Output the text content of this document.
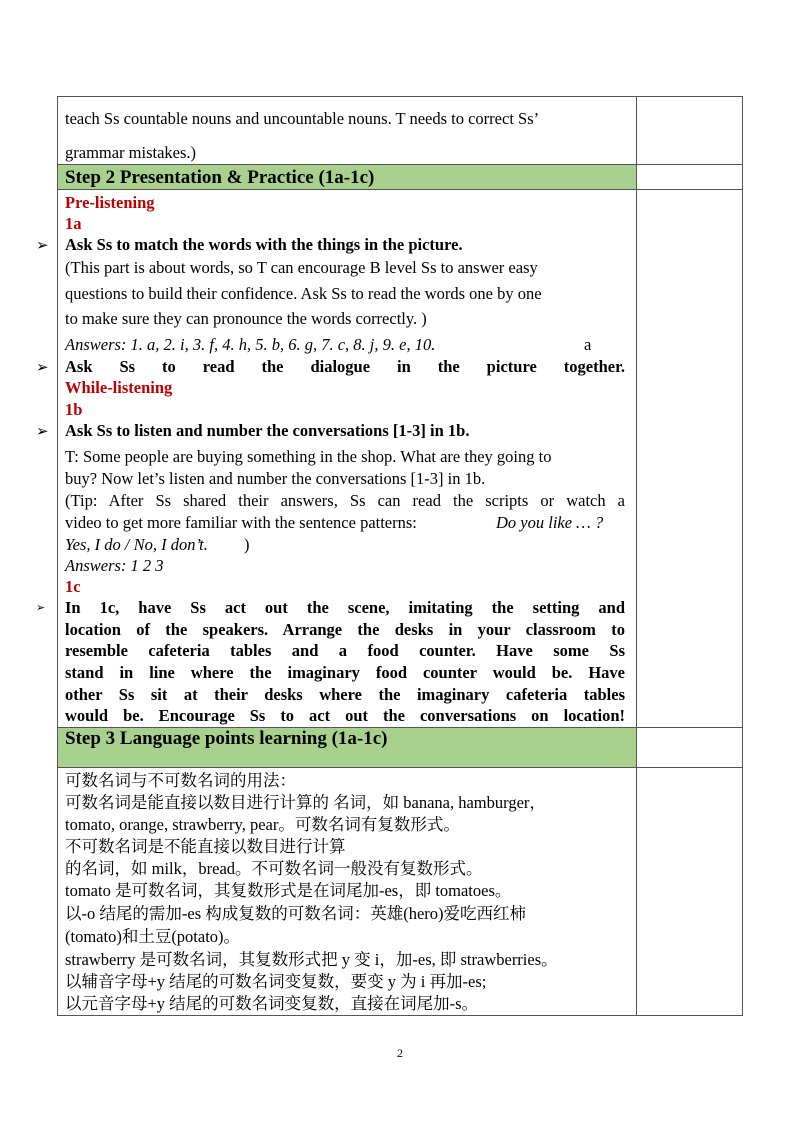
teach Ss countable nouns and uncountable nouns. T needs to correct Ss’
grammar mistakes.)
Step 2 Presentation & Practice (1a-1c)
Pre-listening
1a
➢ Ask Ss to match the words with the things in the picture.
(This part is about words, so T can encourage B level Ss to answer easy
questions to build their confidence. Ask Ss to read the words one by one
to make sure they can pronounce the words correctly. )
Answers: 1. a, 2. i, 3. f, 4. h, 5. b, 6. g, 7. c, 8. j, 9. e, 10.	a
➢ Ask Ss to read the dialogue in the picture together.
While-listening
1b
➢ Ask Ss to listen and number the conversations [1-3] in 1b.
T: Some people are buying something in the shop. What are they going to
buy? Now let’s listen and number the conversations [1-3] in 1b.
(Tip: After Ss shared their answers, Ss can read the scripts or watch a
video to get more familiar with the sentence patterns:	Do you like … ?
Yes, I do / No, I don’t. )
Answers: 1 2 3
1c
➢ In 1c, have Ss act out the scene, imitating the setting and
location of the speakers. Arrange the desks in your classroom to
resemble cafeteria tables and a food counter. Have some Ss
stand in line where the imaginary food counter would be. Have
other Ss sit at their desks where the imaginary cafeteria tables
would be. Encourage Ss to act out the conversations on location!
Step 3 Language points learning (1a-1c)
可数名词与不可数名词的用法：
可数名词是能直接以数目进行计算的 名词，如 banana, hamburger，
tomato, orange, strawberry, pear。可数名词有复数形式。
不可数名词是不能直接以数目进行计算
的名词，如 milk，bread。不可数名词一般没有复数形式。
tomato 是可数名词，其复数形式是在词尾加-es，即 tomatoes。
以-o 结尾的需加-es 构成复数的可数名词：英雄(hero)爱吃西红柿
(tomato)和土豆(potato)。
strawberry 是可数名词，其复数形式把 y 变 i，加-es, 即 strawberries。
以辅音字母+y 结尾的可数名词变复数，要变 y 为 i 再加-es;
以元音字母+y 结尾的可数名词变复数，直接在词尾加-s。
2
